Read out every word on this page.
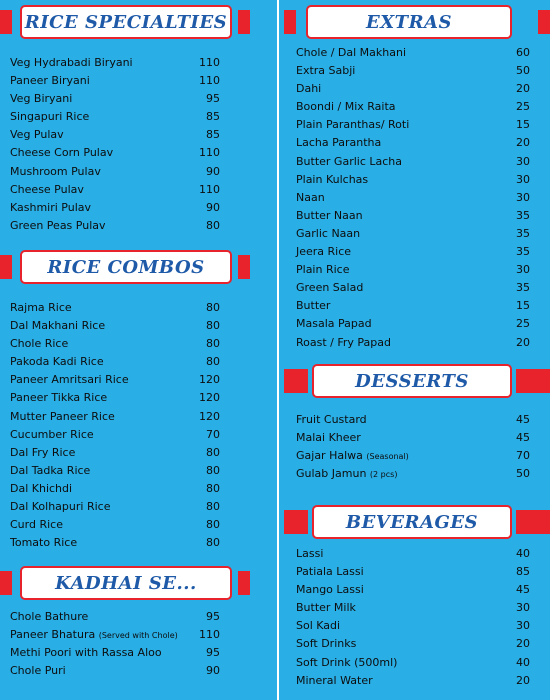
RICE SPECIALTIES
Veg Hydrabadi Biryani	110
Paneer Biryani	110
Veg Biryani	95
Singapuri Rice	85
Veg Pulav	85
Cheese Corn Pulav	110
Mushroom Pulav	90
Cheese Pulav	110
Kashmiri Pulav	90
Green Peas Pulav	80
RICE COMBOS
Rajma Rice	80
Dal Makhani Rice	80
Chole Rice	80
Pakoda Kadi Rice	80
Paneer Amritsari Rice	120
Paneer Tikka Rice	120
Mutter Paneer Rice	120
Cucumber Rice	70
Dal Fry Rice	80
Dal Tadka Rice	80
Dal Khichdi	80
Dal Kolhapuri Rice	80
Curd Rice	80
Tomato Rice	80
KADHAI SE...
Chole Bathure	95
Paneer Bhatura (Served with Chole) 110
Methi Poori with Rassa Aloo	95
Chole Puri	90
EXTRAS
Chole / Dal Makhani	60
Extra Sabji	50
Dahi	20
Boondi / Mix Raita	25
Plain Paranthas/ Roti	15
Lacha Parantha	20
Butter Garlic Lacha	30
Plain Kulchas	30
Naan	30
Butter Naan	35
Garlic Naan	35
Jeera Rice	35
Plain Rice	30
Green Salad	35
Butter	15
Masala Papad	25
Roast / Fry Papad	20
DESSERTS
Fruit Custard	45
Malai Kheer	45
Gajar Halwa (Seasonal)	70
Gulab Jamun (2 pcs)	50
BEVERAGES
Lassi	40
Patiala Lassi	85
Mango Lassi	45
Butter Milk	30
Sol Kadi	30
Soft Drinks	20
Soft Drink (500ml)	40
Mineral Water	20
